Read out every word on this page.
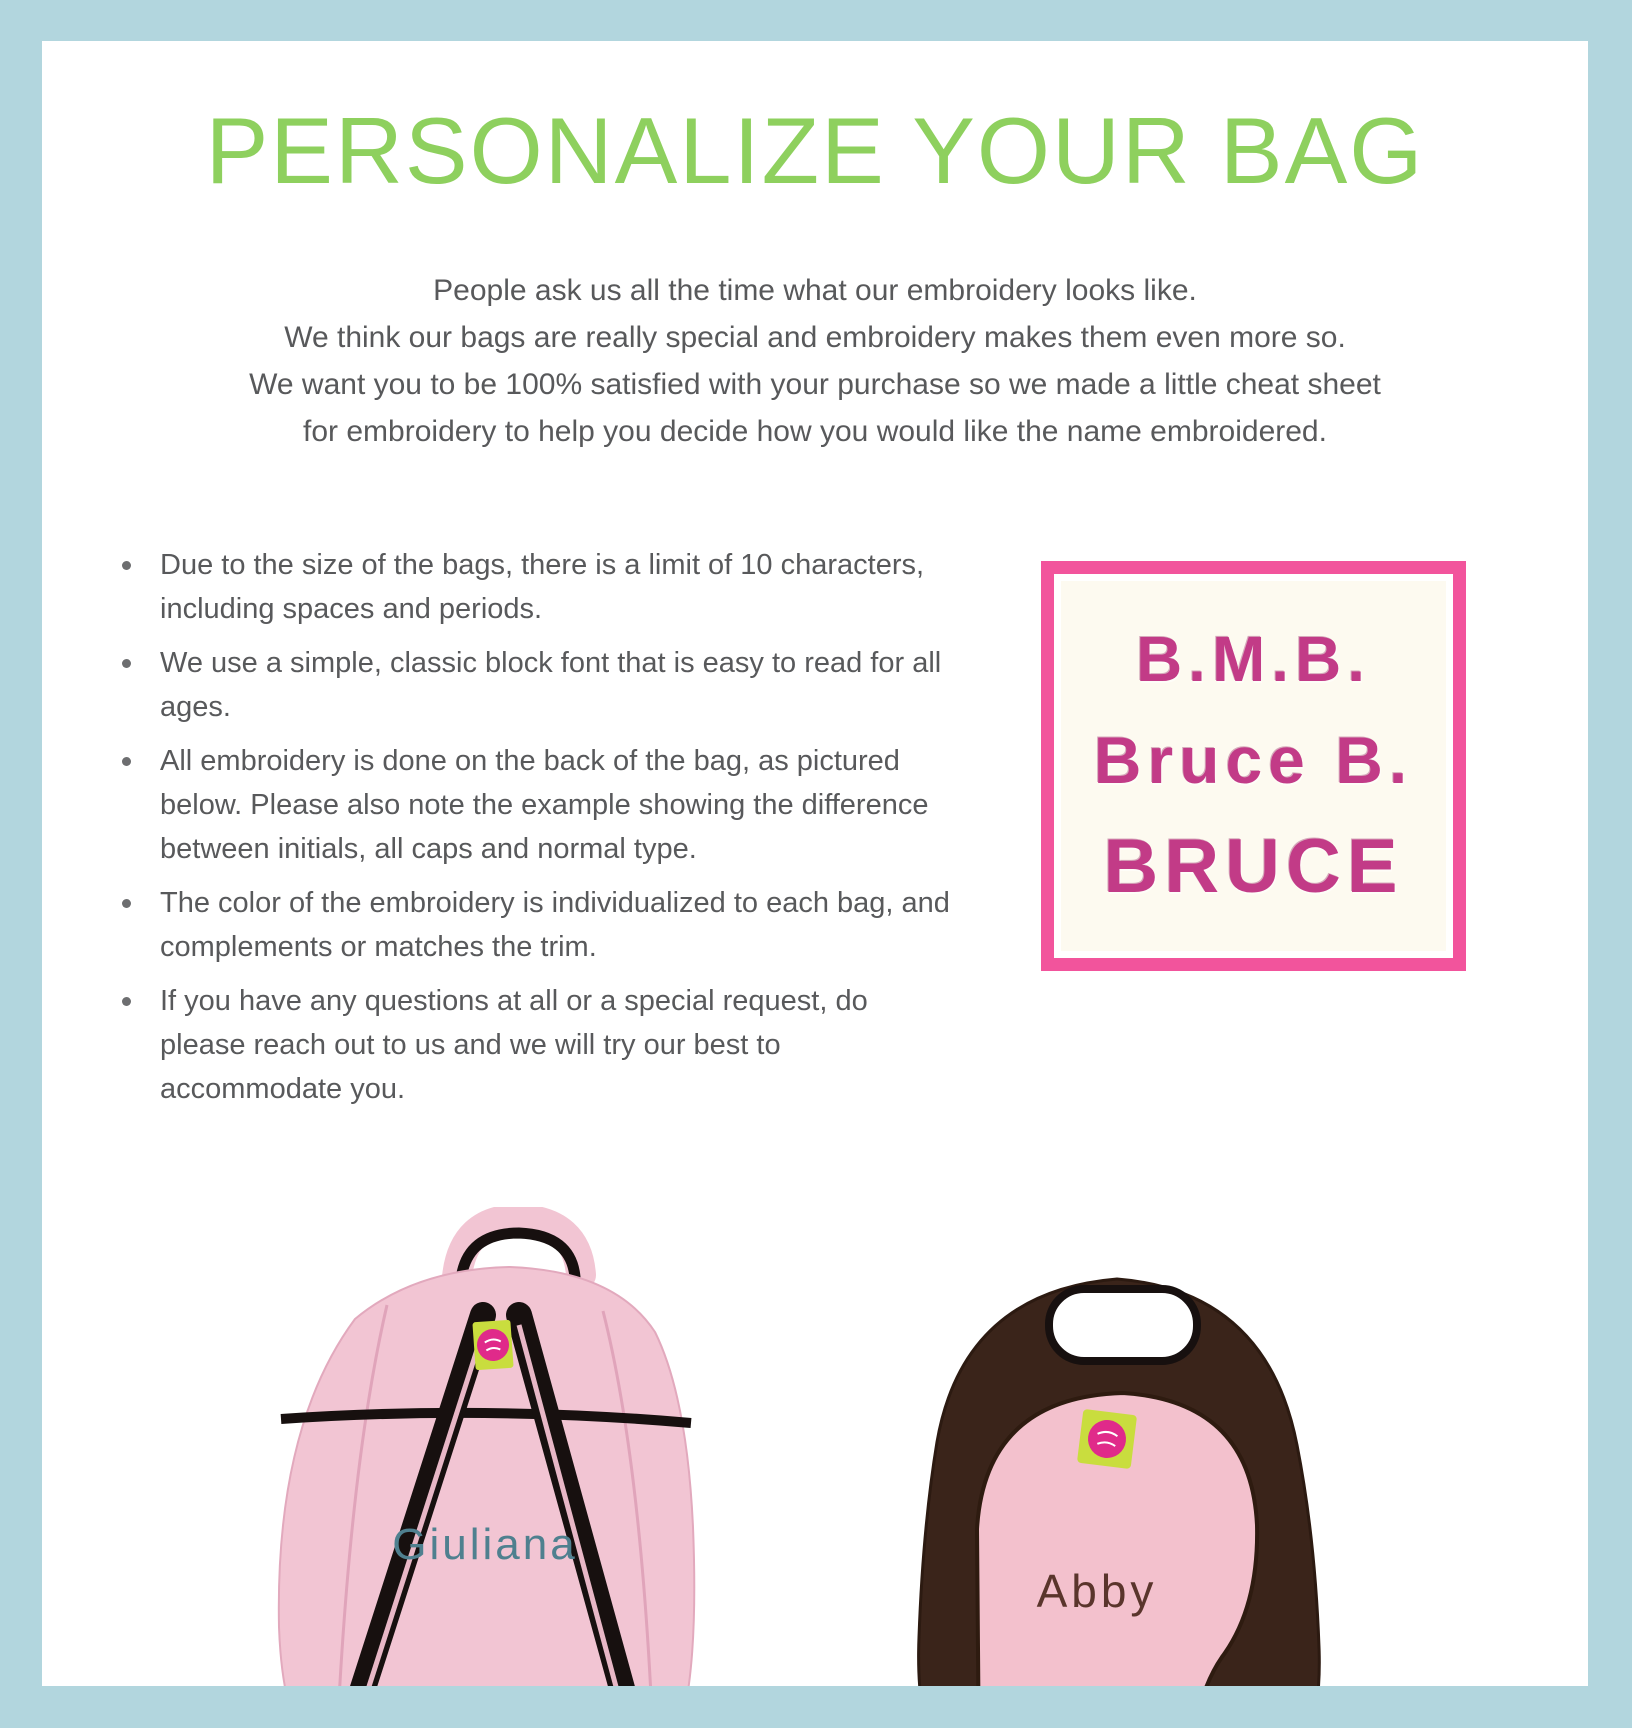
PERSONALIZE YOUR BAG
People ask us all the time what our embroidery looks like.
We think our bags are really special and embroidery makes them even more so.
We want you to be 100% satisfied with your purchase so we made a little cheat sheet
for embroidery to help you decide how you would like the name embroidered.
Due to the size of the bags, there is a limit of 10 characters, including spaces and periods.
We use a simple, classic block font that is easy to read for all ages.
All embroidery is done on the back of the bag, as pictured below. Please also note the example showing the difference between initials, all caps and normal type.
The color of the embroidery is individualized to each bag, and complements or matches the trim.
If you have any questions at all or a special request, do please reach out to us and we will try our best to accommodate you.
B.M.B.
Bruce B.
BRUCE
Giuliana
Abby
